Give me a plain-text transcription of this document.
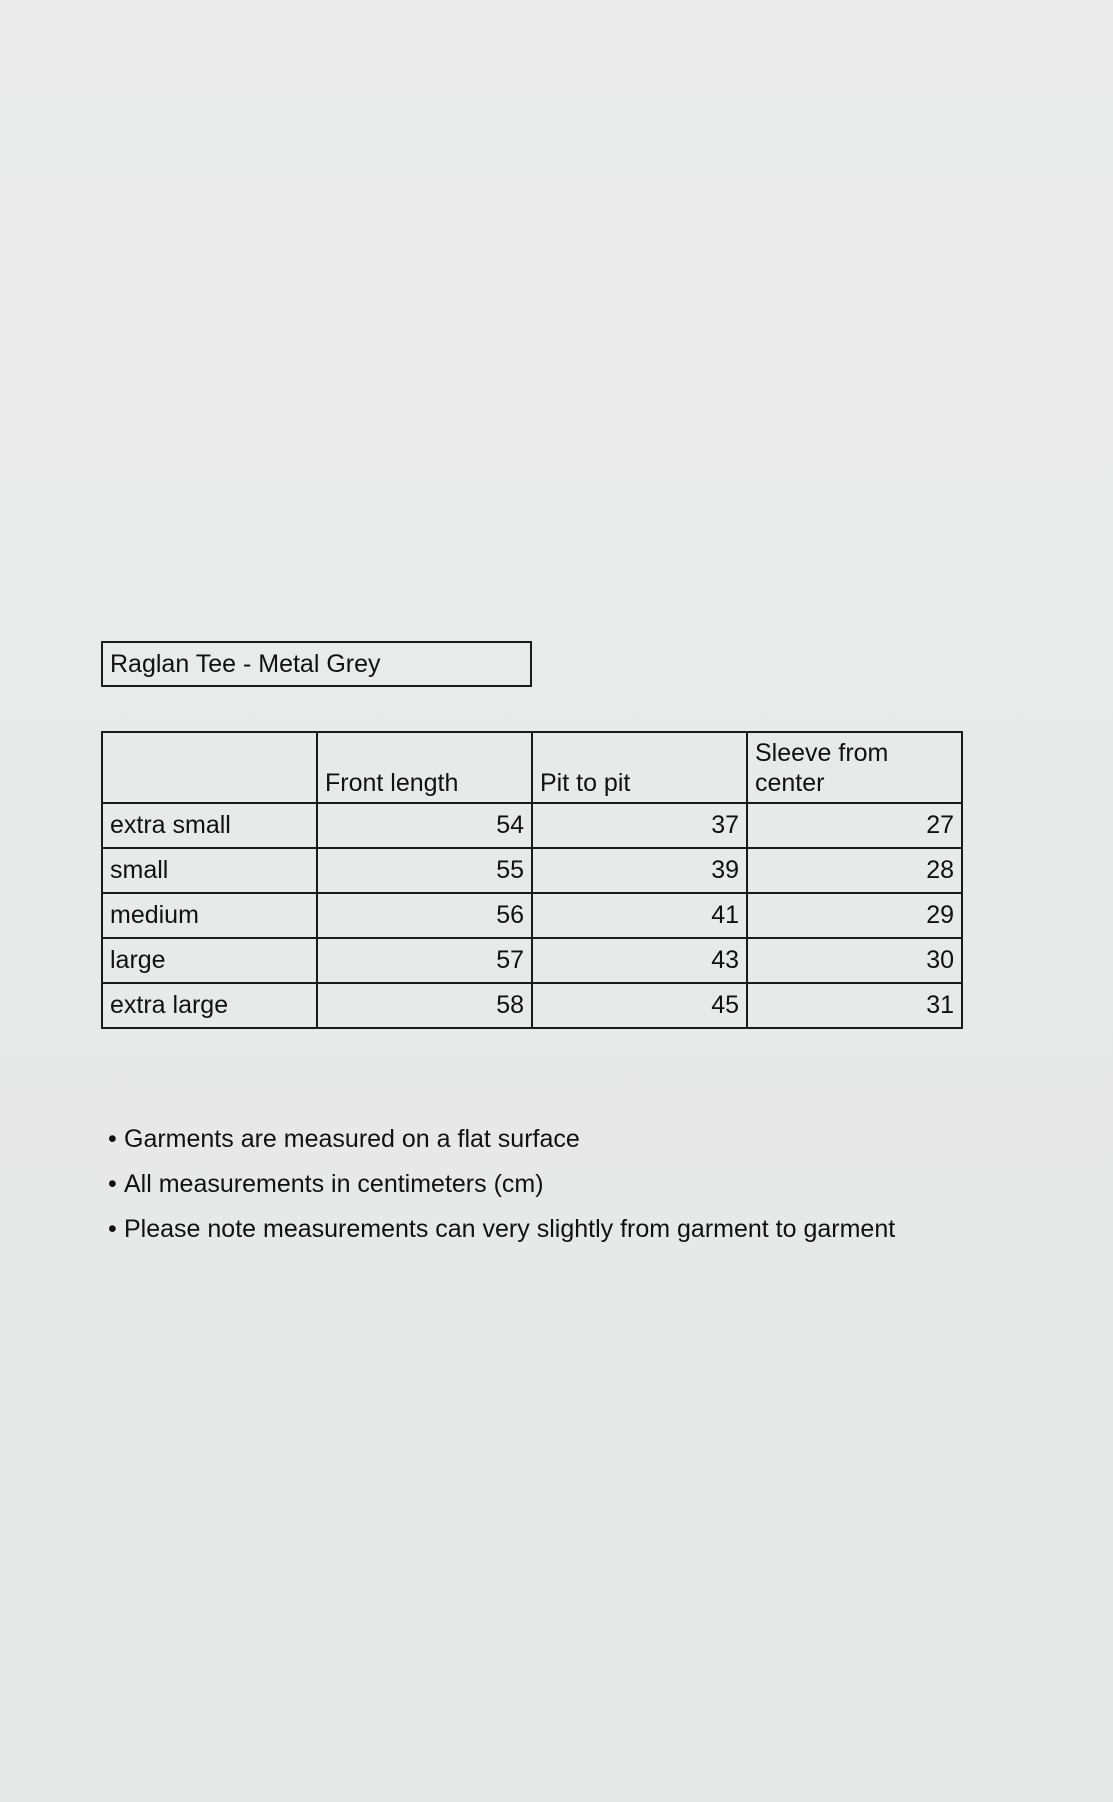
Raglan Tee - Metal Grey
	Front length	Pit to pit	Sleeve from center
extra small	54	37	27
small	55	39	28
medium	56	41	29
large	57	43	30
extra large	58	45	31
• Garments are measured on a flat surface
• All measurements in centimeters (cm)
• Please note measurements can very slightly from garment to garment
